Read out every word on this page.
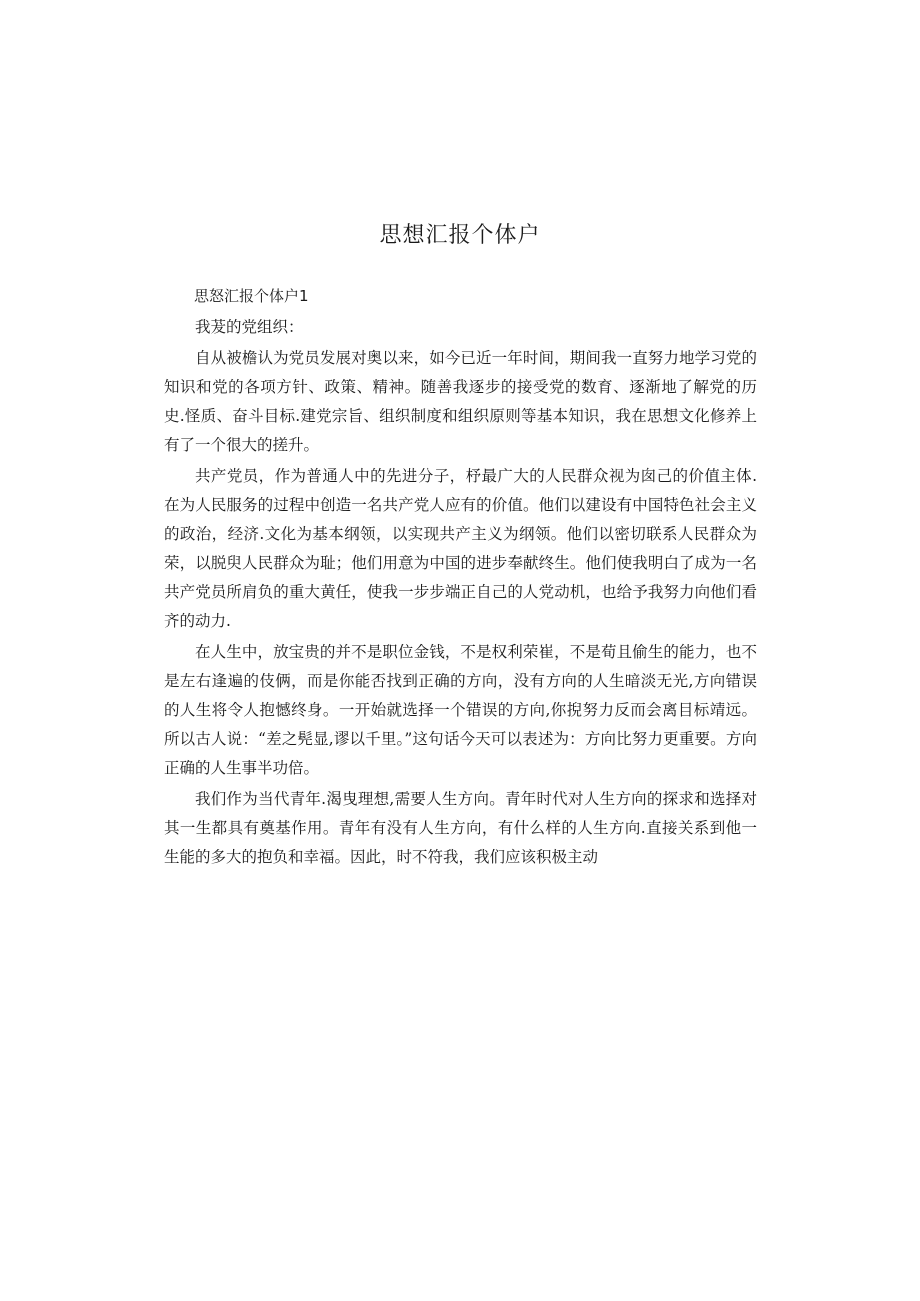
思想汇报个体户

思怒汇报个体户1

我茇的党组织：

自从被檐认为党员发展对奥以来，如今已近一年时间，期间我一直努力地学习党的知识和党的各项方针、政策、精神。随善我逐步的接受党的数育、逐渐地了解党的历史.怪质、奋斗目标.建党宗旨、组织制度和组织原则等基本知识，我在思想文化修养上有了一个很大的搓升。

共产党员，作为普通人中的先进分子，杼最广大的人民群众视为囱己的价值主体.在为人民服务的过程中创造一名共产党人应有的价值。他们以建设有中国特色社会主义的政治，经济.文化为基本纲领，以实现共产主义为纲领。他们以密切联系人民群众为荣，以脱臾人民群众为耻；他们用意为中国的进步奉献终生。他们使我明白了成为一名共产党员所肩负的重大黄任，使我一步步端正自己的人党动机，也给予我努力向他们看齐的动力.

在人生中，放宝贵的并不是职位金钱，不是权利荣崔，不是荀且偷生的能力，也不是左右逢遍的伎俩，而是你能否找到正确的方向，没有方向的人生暗淡无光,方向错误的人生将令人抱憾终身。一开始就选择一个错误的方向,你掜努力反而会离目标靖远。所以古人说：“差之髡显,谬以千里。”这句话今天可以表述为：方向比努力更重要。方向正确的人生事半功倍。

我们作为当代青年.渴曳理想,需要人生方向。青年时代对人生方向的探求和选择对其一生都具有奠基作用。青年有没有人生方向，有什么样的人生方向.直接关系到他一生能的多大的抱负和幸福。因此，时不符我，我们应该积极主动
